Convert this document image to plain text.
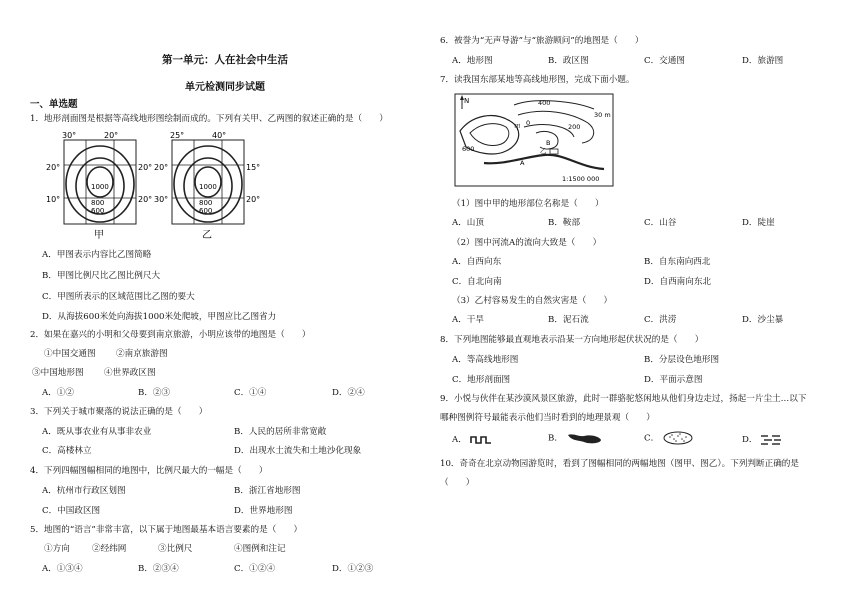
第一单元：人在社会中生活
单元检测同步试题
一、单选题
1．地形剖面图是根据等高线地形图绘制而成的。下列有关甲、乙两图的叙述正确的是（　　）
30°	20°
20°	20°
10°	20°
1000
800
600
甲
25°	40°
20°	15°
30°	20°
1000
800
600
乙
A．甲图表示内容比乙图简略
B．甲图比例尺比乙图比例尺大
C．甲图所表示的区域范围比乙图的要大
D．从海拔600米处向海拔1000米处爬坡，甲图应比乙图省力
2．如果在嘉兴的小明和父母要到南京旅游，小明应该带的地图是（　　）
①中国交通图 ②南京旅游图
③中国地形图 ④世界政区图
A．①②	B．②③	C．①④	D．②④
3．下列关于城市聚落的说法正确的是（　　）
A．既从事农业有从事非农业	B．人民的居所非常宽敞
C．高楼林立	D．出现水土流失和土地沙化现象
4．下列四幅图幅相同的地图中，比例尺最大的一幅是（　　）
A．杭州市行政区划图	B．浙江省地形图
C．中国政区图	D．世界地形图
5．地图的“语言”非常丰富，以下属于地图最基本语言要素的是（　　）
①方向	②经纬网	③比例尺	④图例和注记
A．①③④	B．②③④	C．①②④	D．①②③
6．被誉为“无声导游”与“旅游顾问”的地图是（　　）
A．地形图	B．政区图	C．交通图	D．旅游图
7．读我国东部某地等高线地形图，完成下面小题。
N	400
600
200
30 m
甲
乙
A
B
0
1:1500 000
（1）图中甲的地形部位名称是（　　）
A．山顶	B．鞍部	C．山谷	D．陡崖
（2）图中河流A的流向大致是（　　）
A．自西向东	B．自东南向西北
C．自北向南	D．自西南向东北
（3）乙村容易发生的自然灾害是（　　）
A．干旱	B．泥石流	C．洪涝	D．沙尘暴
8．下列地图能够最直观地表示沿某一方向地形起伏状况的是（　　）
A．等高线地形图	B．分层设色地形图
C．地形剖面图	D．平面示意图
9．小悦与伙伴在某沙漠风景区旅游，此时一群骆驼悠闲地从他们身边走过，扬起一片尘土…以下
哪种图例符号最能表示他们当时看到的地理景观（　　）
A．	B．	C．	D．
10．奇奇在北京动物园游览时，看到了图幅相同的两幅地图（图甲、图乙）。下列判断正确的是
（　　）
